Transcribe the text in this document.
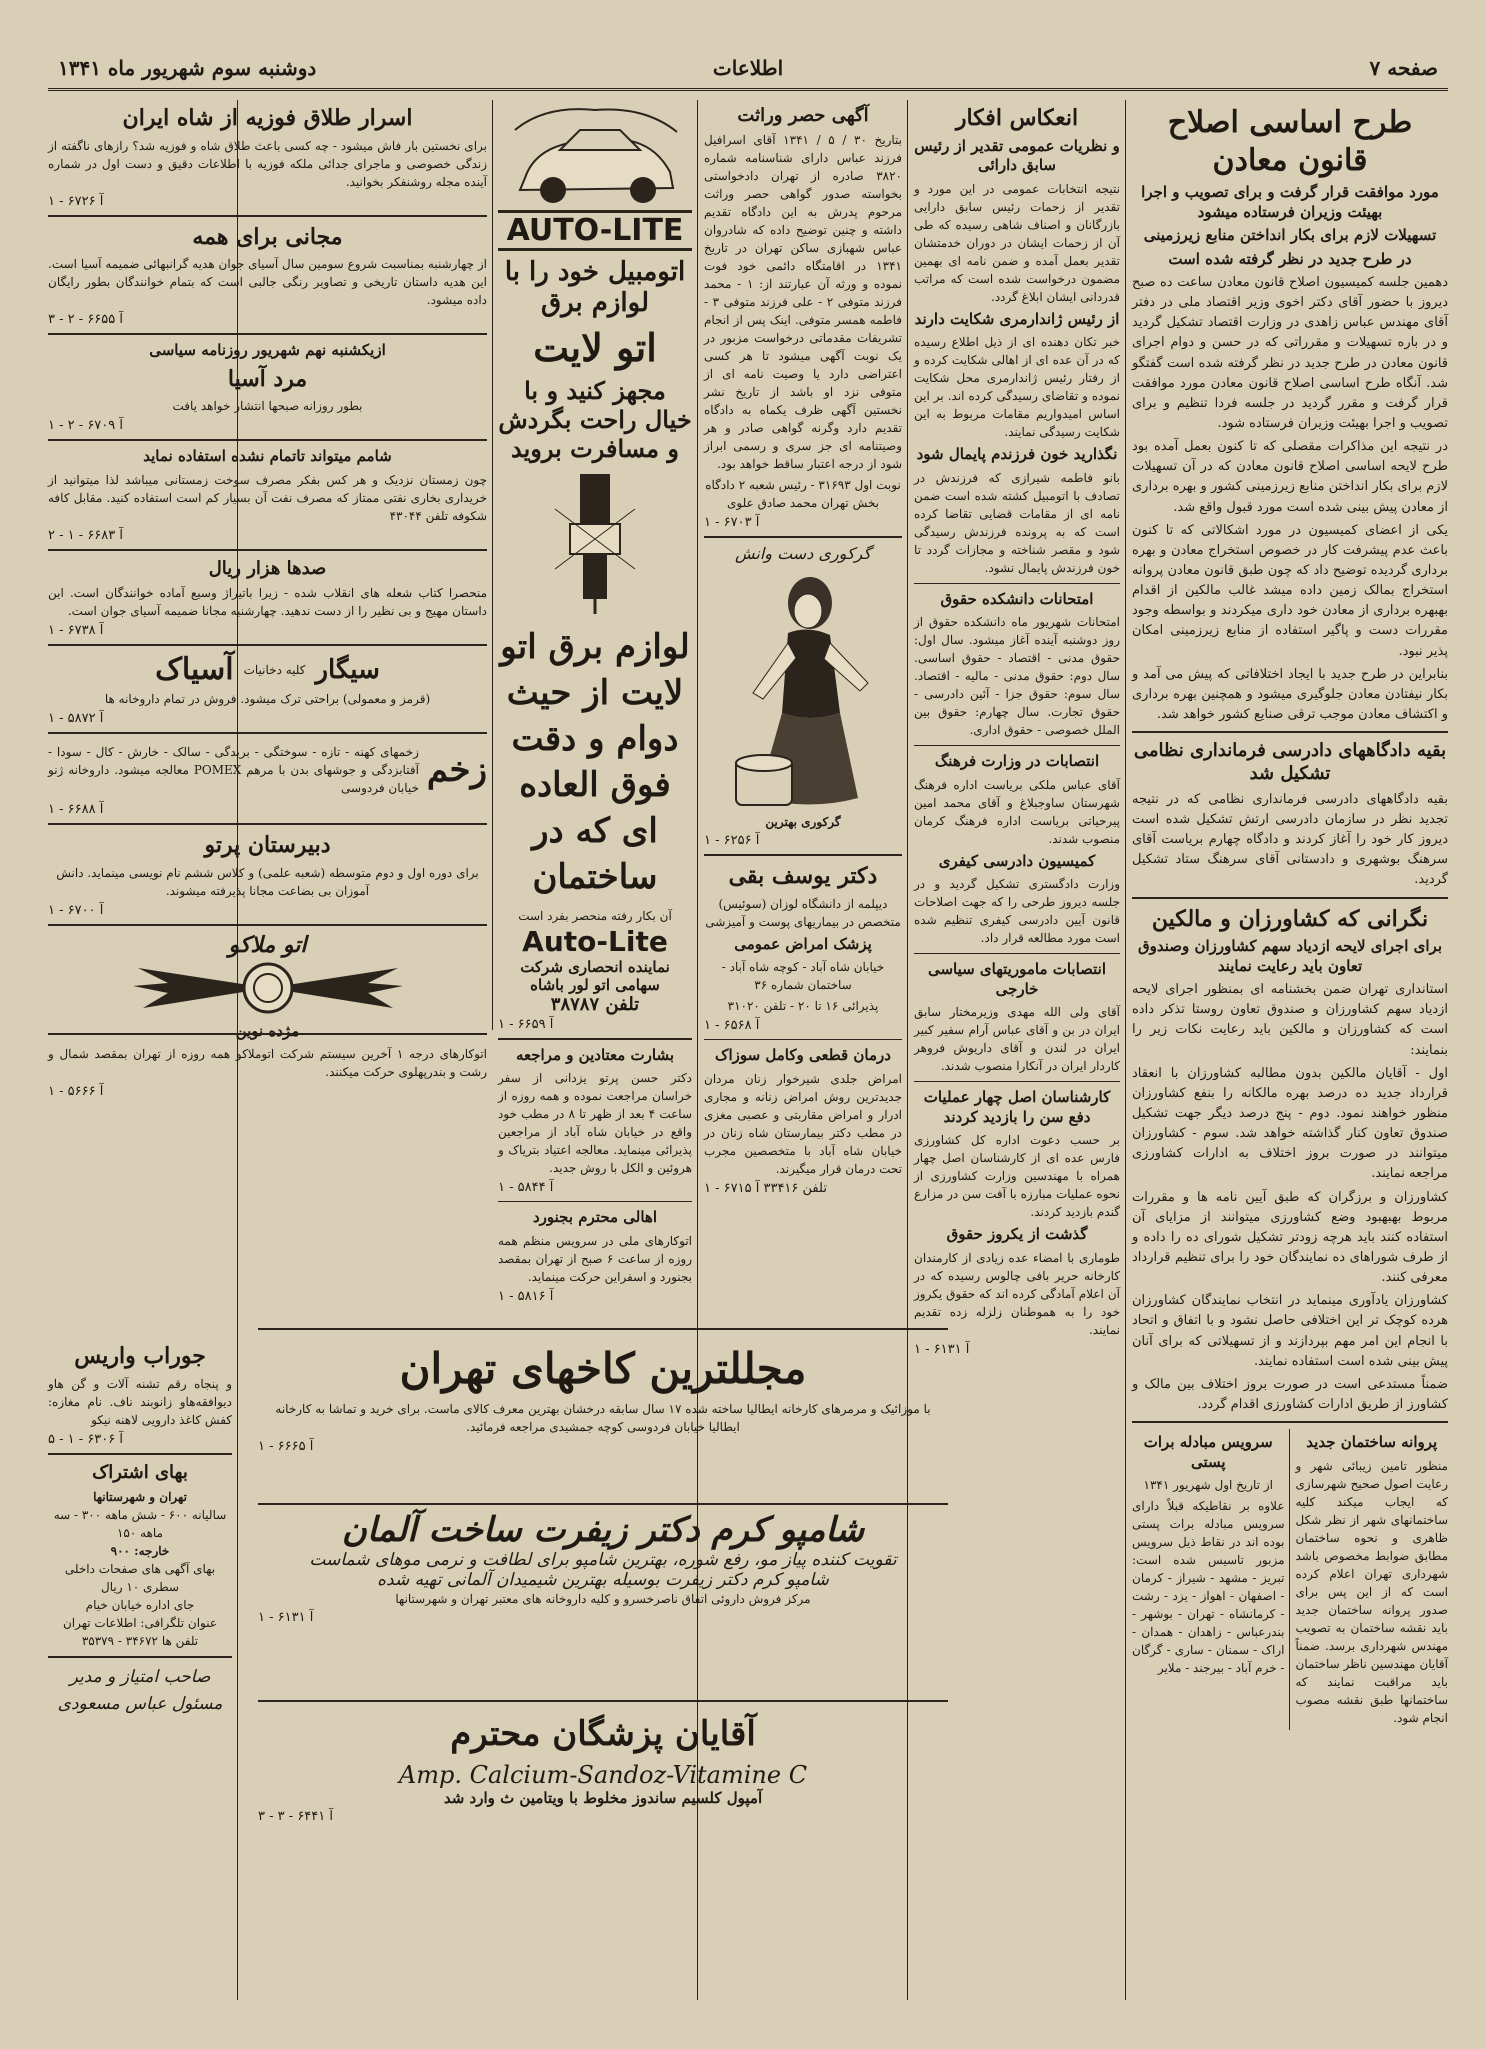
صفحه ۷
اطلاعات
دوشنبه سوم شهریور ماه ۱۳۴۱
طرح اساسی اصلاح قانون معادن
مورد موافقت قرار گرفت و برای تصویب و اجرا بهیئت وزیران فرستاده میشود
تسهیلات لازم برای بکار انداختن منابع زیرزمینی
در طرح جدید در نظر گرفته شده است

دهمین جلسه کمیسیون اصلاح قانون معادن ساعت ده صبح دیروز با حضور آقای دکتر اخوی وزیر اقتصاد ملی در دفتر آقای مهندس عباس زاهدی در وزارت اقتصاد تشکیل گردید و در باره تسهیلات و مقرراتی که در حسن و دوام اجرای قانون معادن در طرح جدید در نظر گرفته شده است گفتگو شد. آنگاه طرح اساسی اصلاح قانون معادن مورد موافقت قرار گرفت و مقرر گردید در جلسه فردا تنظیم و برای تصویب و اجرا بهیئت وزیران فرستاده شود.

در نتیجه این مذاکرات مقصلی که تا کنون بعمل آمده بود طرح لایحه اساسی اصلاح قانون معادن که در آن تسهیلات لازم برای بکار انداختن منابع زیرزمینی کشور و بهره برداری از معادن پیش بینی شده است مورد قبول واقع شد.

یکی از اعضای کمیسیون در مورد اشکالاتی که تا کنون باعث عدم پیشرفت کار در خصوص استخراج معادن و بهره برداری گردیده توضیح داد که چون طبق قانون معادن پروانه استخراج بمالک زمین داده میشد غالب مالکین از اقدام بهبهره برداری از معادن خود داری میکردند و بواسطه وجود مقررات دست و پاگیر استفاده از منابع زیرزمینی امکان پذیر نبود.

بنابراین در طرح جدید با ایجاد اختلافاتی که پیش می آمد و بکار نیفتادن معادن جلوگیری میشود و همچنین بهره برداری و اکتشاف معادن موجب ترقی صنایع کشور خواهد شد.

بقیه دادگاههای دادرسی فرمانداری نظامی تشکیل شد

بقیه دادگاههای دادرسی فرمانداری نظامی که در نتیجه تجدید نظر در سازمان دادرسی ارتش تشکیل شده است دیروز کار خود را آغاز کردند و دادگاه چهارم بریاست آقای سرهنگ بوشهری و دادستانی آقای سرهنگ ستاد تشکیل گردید.

نگرانی که کشاورزان و مالکین
برای اجرای لایحه ازدیاد سهم کشاورزان وصندوق تعاون باید رعایت نمایند

استانداری تهران ضمن بخشنامه ای بمنظور اجرای لایحه ازدیاد سهم کشاورزان و صندوق تعاون روستا تذکر داده است که کشاورزان و مالکین باید رعایت نکات زیر را بنمایند:

اول - آقایان مالکین بدون مطالبه کشاورزان با انعقاد قرارداد جدید ده درصد بهره مالکانه را بنفع کشاورزان منظور خواهند نمود. دوم - پنج درصد دیگر جهت تشکیل صندوق تعاون کنار گذاشته خواهد شد. سوم - کشاورزان میتوانند در صورت بروز اختلاف به ادارات کشاورزی مراجعه نمایند.

کشاورزان و برزگران که طبق آیین نامه ها و مقررات مربوط بهبهبود وضع کشاورزی میتوانند از مزایای آن استفاده کنند باید هرچه زودتر تشکیل شورای ده را داده و از طرف شوراهای ده نمایندگان خود را برای تنظیم قرارداد معرفی کنند.

کشاورزان یادآوری مینماید در انتخاب نمایندگان کشاورزان هرده کوچک تر این اختلافی حاصل نشود و با اتفاق و اتحاد با انجام این امر مهم بپردازند و از تسهیلاتی که برای آنان پیش بینی شده است استفاده نمایند.

ضمناً مستدعی است در صورت بروز اختلاف بین مالک و کشاورز از طریق ادارات کشاورزی اقدام گردد.

پروانه ساختمان جدید

منظور تامین زیبائی شهر و رعایت اصول صحیح شهرسازی که ایجاب میکند کلیه ساختمانهای شهر از نظر شکل ظاهری و نحوه ساختمان مطابق ضوابط مخصوص باشد شهرداری تهران اعلام کرده است که از این پس برای صدور پروانه ساختمان جدید باید نقشه ساختمان به تصویب مهندس شهرداری برسد. ضمناً آقایان مهندسین ناظر ساختمان باید مراقبت نمایند که ساختمانها طبق نقشه مصوب انجام شود.

سرویس مبادله برات پستی
از تاریخ اول شهریور ۱۳۴۱

علاوه بر نقاطیکه قبلاً دارای سرویس مبادله برات پستی بوده اند در نقاط ذیل سرویس مزبور تاسیس شده است: تبریز - مشهد - شیراز - کرمان - اصفهان - اهواز - یزد - رشت - کرمانشاه - تهران - بوشهر - بندرعباس - زاهدان - همدان - اراک - سمنان - ساری - گرگان - خرم آباد - بیرجند - ملایر

انعکاس افکار
و نظریات عمومی تقدیر از رئیس سابق دارائی

نتیجه انتخابات عمومی در این مورد و تقدیر از زحمات رئیس سابق دارایی بازرگانان و اصناف شاهی رسیده که طی آن از زحمات ایشان در دوران خدمتشان تقدیر بعمل آمده و ضمن نامه ای بهمین مضمون درخواست شده است که مراتب قدردانی ایشان ابلاغ گردد.

از رئیس ژاندارمری شکایت دارند

خبر تکان دهنده ای از ذیل اطلاع رسیده که در آن عده ای از اهالی شکایت کرده و از رفتار رئیس ژاندارمری محل شکایت نموده و تقاضای رسیدگی کرده اند. بر این اساس امیدواریم مقامات مربوط به این شکایت رسیدگی نمایند.

نگذارید خون فرزندم پایمال شود

بانو فاطمه شیرازی که فرزندش در تصادف با اتومبیل کشته شده است ضمن نامه ای از مقامات قضایی تقاضا کرده است که به پرونده فرزندش رسیدگی شود و مقصر شناخته و مجازات گردد تا خون فرزندش پایمال نشود.

امتحانات دانشکده حقوق

امتحانات شهریور ماه دانشکده حقوق از روز دوشنبه آینده آغاز میشود. سال اول: حقوق مدنی - اقتصاد - حقوق اساسی. سال دوم: حقوق مدنی - مالیه - اقتصاد. سال سوم: حقوق جزا - آئین دادرسی - حقوق تجارت. سال چهارم: حقوق بین الملل خصوصی - حقوق اداری.

انتصابات در وزارت فرهنگ

آقای عباس ملکی بریاست اداره فرهنگ شهرستان ساوجبلاغ و آقای محمد امین پیرحیاتی بریاست اداره فرهنگ کرمان منصوب شدند.

کمیسیون دادرسی کیفری

وزارت دادگستری تشکیل گردید و در جلسه دیروز طرحی را که جهت اصلاحات قانون آیین دادرسی کیفری تنظیم شده است مورد مطالعه قرار داد.

انتصابات ماموریتهای سیاسی خارجی

آقای ولی الله مهدی وزیرمختار سابق ایران در بن و آقای عباس آرام سفیر کبیر ایران در لندن و آقای داریوش فروهر کاردار ایران در آنکارا منصوب شدند.

کارشناسان اصل چهار عملیات دفع سن را بازدید کردند

بر حسب دعوت اداره کل کشاورزی فارس عده ای از کارشناسان اصل چهار همراه با مهندسین وزارت کشاورزی از نحوه عملیات مبارزه با آفت سن در مزارع گندم بازدید کردند.

گذشت از یکروز حقوق

طوماری با امضاء عده زیادی از کارمندان کارخانه حریر بافی چالوس رسیده که در آن اعلام آمادگی کرده اند که حقوق یکروز خود را به هموطنان زلزله زده تقدیم نمایند.

آ ۶۱۳۱ - ۱
آگهی حصر وراثت

بتاریخ ۳۰ / ۵ / ۱۳۴۱ آقای اسرافیل فرزند عباس دارای شناسنامه شماره ۳۸۲۰ صادره از تهران دادخواستی بخواسته صدور گواهی حصر وراثت مرحوم پدرش به این دادگاه تقدیم داشته و چنین توضیح داده که شادروان عباس شهبازی ساکن تهران در تاریخ ۱۳۴۱ در اقامتگاه دائمی خود فوت نموده و ورثه آن عبارتند از: ۱ - محمد فرزند متوفی ۲ - علی فرزند متوفی ۳ - فاطمه همسر متوفی. اینک پس از انجام تشریفات مقدماتی درخواست مزبور در یک نوبت آگهی میشود تا هر کسی اعتراضی دارد یا وصیت نامه ای از متوفی نزد او باشد از تاریخ نشر نخستین آگهی ظرف یکماه به دادگاه تقدیم دارد وگرنه گواهی صادر و هر وصیتنامه ای جز سری و رسمی ابراز شود از درجه اعتبار ساقط خواهد بود.

نوبت اول ۳۱۶۹۳ - رئیس شعبه ۲ دادگاه بخش تهران محمد صادق علوی

آ ۶۷۰۳ - ۱
گرکوری دست وانش
گرکوری بهترین
آ ۶۲۵۶ - ۱
دکتر یوسف بقی

دیپلمه از دانشگاه لوزان (سوئیس) متخصص در بیماریهای پوست و آمیزشی

پزشک امراض عمومی

خیابان شاه آباد - کوچه شاه آباد - ساختمان شماره ۳۶

پذیرائی ۱۶ تا ۲۰ - تلفن ۳۱۰۲۰

آ ۶۵۶۸ - ۱
درمان قطعی وکامل سوزاک

امراض جلدی شیرخوار زنان مردان جدیدترین روش امراض زنانه و مجاری ادرار و امراض مقاربتی و عصبی مغزی در مطب دکتر بیمارستان شاه زنان در خیابان شاه آباد با متخصصین مجرب تحت درمان قرار میگیرند.

تلفن ۳۳۴۱۶ آ ۶۷۱۵ - ۱
AUTO-LITE
اتومبیل خود را با لوازم برق
اتو لایت
مجهز کنید و با خیال راحت بگردش و مسافرت بروید
لوازم برق اتو لایت از حیث دوام و دقت فوق العاده ای که در ساختمان
آن بکار رفته منحصر بفرد است
Auto-Lite
نماینده انحصاری شرکت سهامی اتو لور باشاه
تلفن ۳۸۷۸۷
آ ۶۶۵۹ - ۱
بشارت معتادین و مراجعه

دکتر حسن پرتو یزدانی از سفر خراسان مراجعت نموده و همه روزه از ساعت ۴ بعد از ظهر تا ۸ در مطب خود واقع در خیابان شاه آباد از مراجعین پذیرائی مینماید. معالجه اعتیاد بتریاک و هروئین و الکل با روش جدید.

آ ۵۸۴۴ - ۱
اهالی محترم بجنورد

اتوکارهای ملی در سرویس منظم همه روزه از ساعت ۶ صبح از تهران بمقصد بجنورد و اسفراین حرکت مینماید.

آ ۵۸۱۶ - ۱
اسرار طلاق فوزیه از شاه ایران

برای نخستین بار فاش میشود - چه کسی باعث طلاق شاه و فوزیه شد؟ رازهای ناگفته از زندگی خصوصی و ماجرای جدائی ملکه فوزیه با اطلاعات دقیق و دست اول در شماره آینده مجله روشنفکر بخوانید.

آ ۶۷۲۶ - ۱
مجانی برای همه

از چهارشنبه بمناسبت شروع سومین سال آسیای جوان هدیه گرانبهائی ضمیمه آسیا است. این هدیه داستان تاریخی و تصاویر رنگی جالبی است که بتمام خوانندگان بطور رایگان داده میشود.

آ ۶۶۵۵ - ۲ - ۳
ازیکشنبه نهم شهریور روزنامه سیاسی
مرد آسیا

بطور روزانه صبحها انتشار خواهد یافت

آ ۶۷۰۹ - ۲ - ۱
شامم میتواند تاتمام نشده استفاده نماید

چون زمستان نزدیک و هر کس بفکر مصرف سوخت زمستانی میباشد لذا میتوانید از خریداری بخاری نفتی ممتاز که مصرف نفت آن بسیار کم است استفاده کنید. مقابل کافه شکوفه تلفن ۴۳۰۴۴

آ ۶۶۸۳ - ۱ - ۲
صدها هزار ریال

منحصرا کتاب شعله های انقلاب شده - زیرا باتیراژ وسیع آماده خوانندگان است. این داستان مهیج و بی نظیر را از دست ندهید. چهارشنبه مجانا ضمیمه آسیای جوان است.

آ ۶۷۳۸ - ۱
سیگار
کلیه دخانیات
آسیاک

(قرمز و معمولی) براحتی ترک میشود. فروش در تمام داروخانه ها

آ ۵۸۷۲ - ۱
زخم

زخمهای کهنه - تازه - سوختگی - بریدگی - سالک - خارش - کال - سودا - آفتابزدگی و جوشهای بدن با مرهم POMEX معالجه میشود. داروخانه ژنو خیابان فردوسی

آ ۶۶۸۸ - ۱
دبیرستان پرتو

برای دوره اول و دوم متوسطه (شعبه علمی) و کلاس ششم نام نویسی مینماید. دانش آموزان بی بضاعت مجانا پذیرفته میشوند.

آ ۶۷۰۰ - ۱
اتو ملاکو
مژده نوین

اتوکارهای درجه ۱ آخرین سیستم شرکت اتوملاکو همه روزه از تهران بمقصد شمال و رشت و بندرپهلوی حرکت میکنند.

آ ۵۶۶۶ - ۱
مجللترین کاخهای تهران

با موزائیک و مرمرهای کارخانه ایطالیا ساخته شده ۱۷ سال سابقه درخشان بهترین معرف کالای ماست. برای خرید و تماشا به کارخانه ایطالیا خیابان فردوسی کوچه جمشیدی مراجعه فرمائید.

آ ۶۶۶۵ - ۱
شامپو کرم دکتر زیفرت ساخت آلمان
تقویت کننده پیاز مو، رفع شوره، بهترین شامپو برای لطافت و نرمی موهای شماست
شامپو کرم دکتر زیفرت بوسیله بهترین شیمیدان آلمانی تهیه شده
مرکز فروش داروئی اتفاق ناصرخسرو و کلیه داروخانه های معتبر تهران و شهرستانها
آ ۶۱۳۱ - ۱
آقایان پزشگان محترم
Amp. Calcium-Sandoz-Vitamine C
آمپول کلسیم ساندوز مخلوط با ویتامین ث وارد شد
آ ۶۴۴۱ - ۳ - ۳
جوراب واریس

و پنجاه رقم تشنه آلات و گن هاو دیوافقه‌هاو زانوبند ناف. نام مغازه: کفش کاغذ دارویی لاهنه نیکو

آ ۶۳۰۶ - ۱ - ۵
بهای اشتراک
تهران و شهرستانها
سالیانه ۶۰۰ - شش ماهه ۳۰۰ - سه ماهه ۱۵۰
خارجه: ۹۰۰
بهای آگهی های صفحات داخلی سطری ۱۰ ریال
جای اداره خیابان خیام
عنوان تلگرافی: اطلاعات تهران
تلفن ها ۳۴۶۷۲ - ۳۵۳۷۹
صاحب امتیاز و مدیر مسئول عباس مسعودی
